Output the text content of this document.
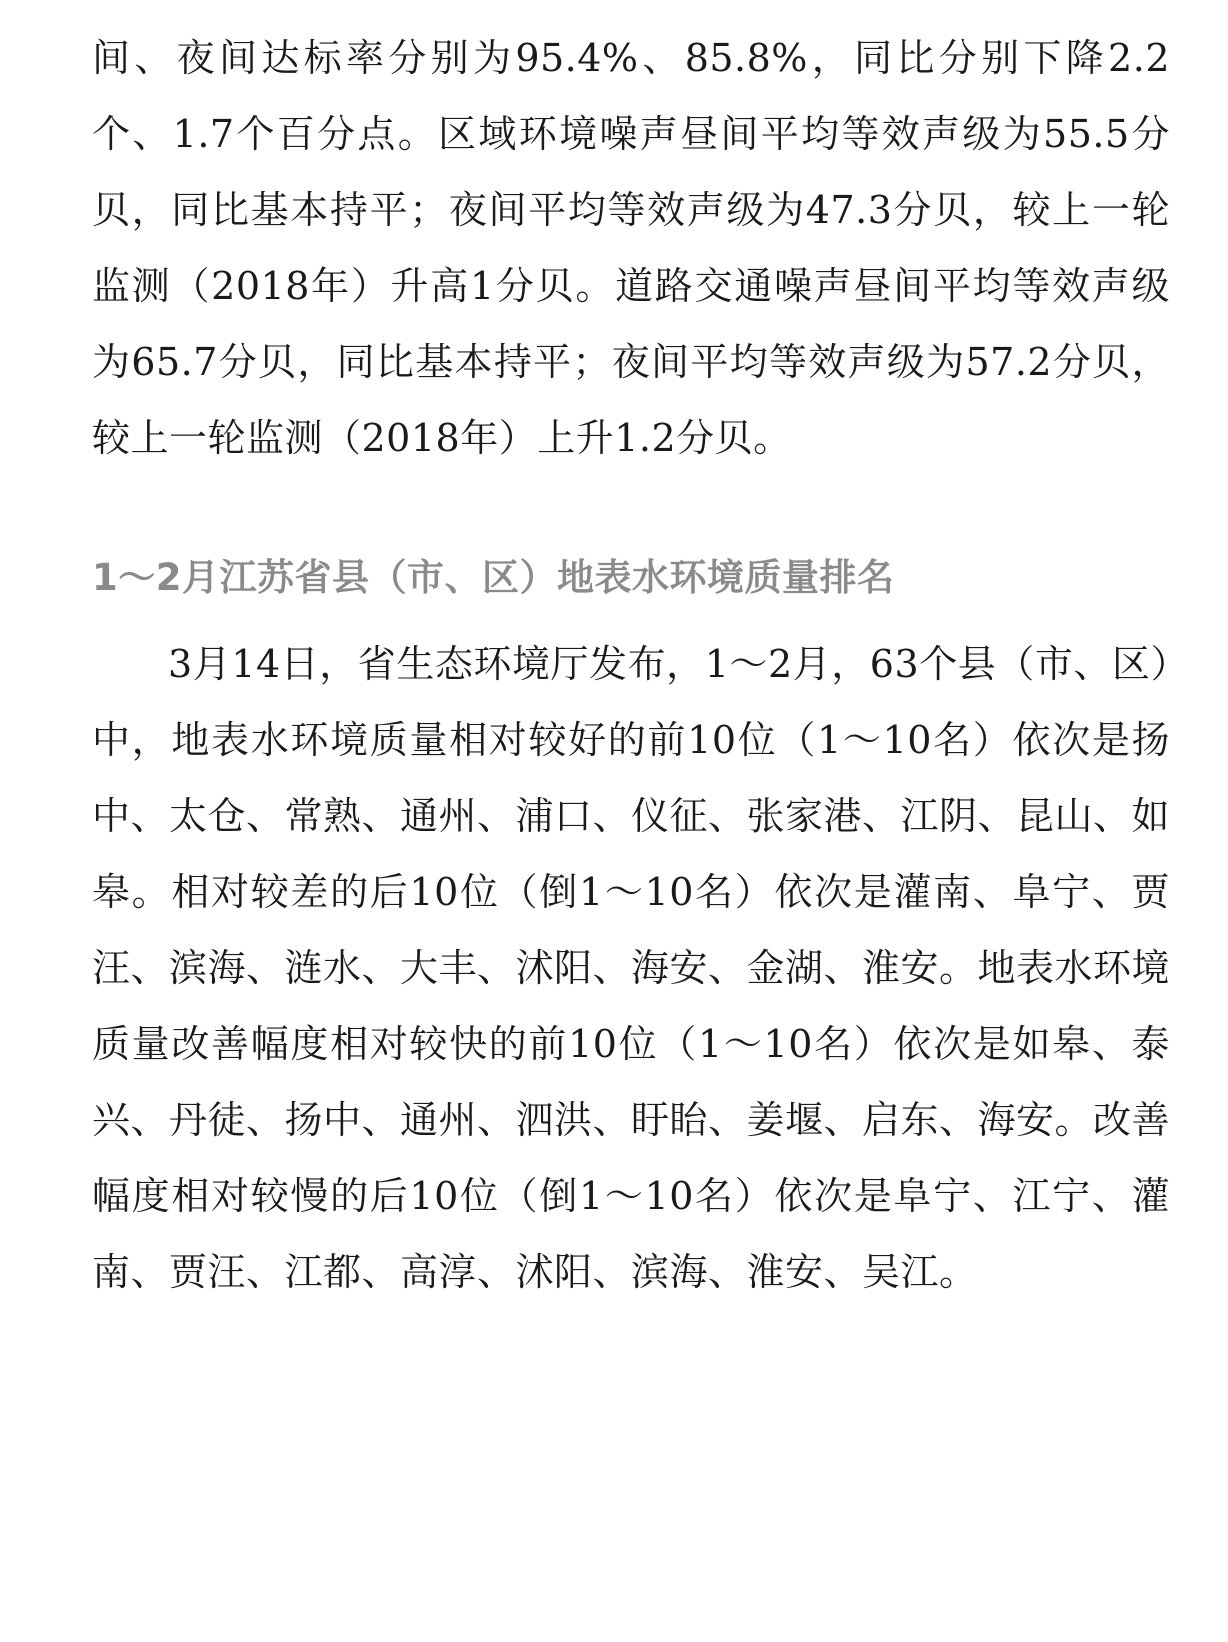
间、夜间达标率分别为95.4%、85.8%，同比分别下降2.2个、1.7个百分点。区域环境噪声昼间平均等效声级为55.5分贝，同比基本持平；夜间平均等效声级为47.3分贝，较上一轮监测（2018年）升高1分贝。道路交通噪声昼间平均等效声级为65.7分贝，同比基本持平；夜间平均等效声级为57.2分贝，较上一轮监测（2018年）上升1.2分贝。

1～2月江苏省县（市、区）地表水环境质量排名

3月14日，省生态环境厅发布，1～2月，63个县（市、区）中，地表水环境质量相对较好的前10位（1～10名）依次是扬中、太仓、常熟、通州、浦口、仪征、张家港、江阴、昆山、如皋。相对较差的后10位（倒1～10名）依次是灌南、阜宁、贾汪、滨海、涟水、大丰、沭阳、海安、金湖、淮安。地表水环境质量改善幅度相对较快的前10位（1～10名）依次是如皋、泰兴、丹徒、扬中、通州、泗洪、盱眙、姜堰、启东、海安。改善幅度相对较慢的后10位（倒1～10名）依次是阜宁、江宁、灌南、贾汪、江都、高淳、沭阳、滨海、淮安、吴江。
